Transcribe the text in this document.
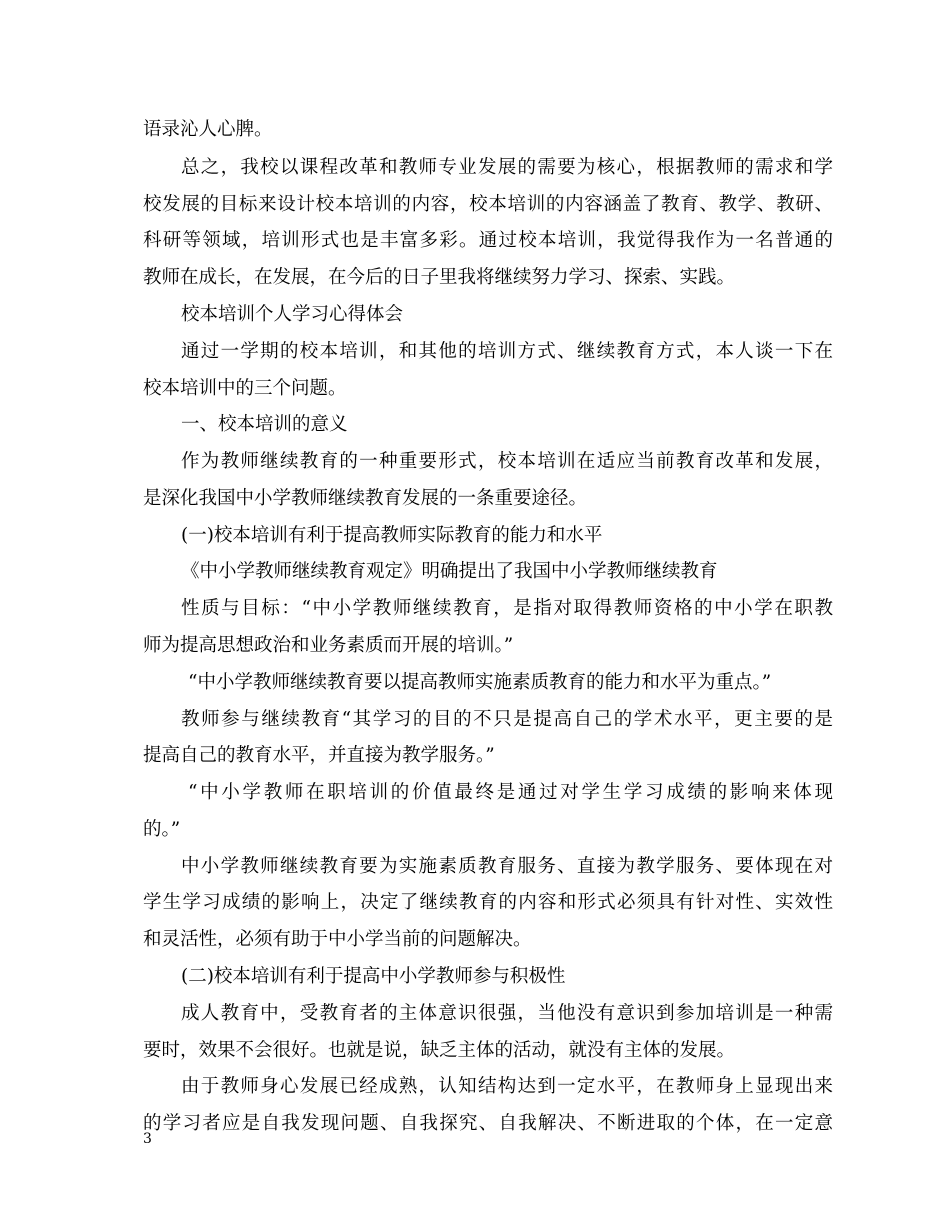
语录沁人心脾。
总之，我校以课程改革和教师专业发展的需要为核心，根据教师的需求和学
校发展的目标来设计校本培训的内容，校本培训的内容涵盖了教育、教学、教研、
科研等领域，培训形式也是丰富多彩。通过校本培训，我觉得我作为一名普通的
教师在成长，在发展，在今后的日子里我将继续努力学习、探索、实践。
校本培训个人学习心得体会
通过一学期的校本培训，和其他的培训方式、继续教育方式，本人谈一下在
校本培训中的三个问题。
一、校本培训的意义
作为教师继续教育的一种重要形式，校本培训在适应当前教育改革和发展，
是深化我国中小学教师继续教育发展的一条重要途径。
(一)校本培训有利于提高教师实际教育的能力和水平
《中小学教师继续教育观定》明确提出了我国中小学教师继续教育
性质与目标：“中小学教师继续教育，是指对取得教师资格的中小学在职教
师为提高思想政治和业务素质而开展的培训。”
“中小学教师继续教育要以提高教师实施素质教育的能力和水平为重点。”
教师参与继续教育“其学习的目的不只是提高自己的学术水平，更主要的是
提高自己的教育水平，并直接为教学服务。”
“中小学教师在职培训的价值最终是通过对学生学习成绩的影响来体现
的。”
中小学教师继续教育要为实施素质教育服务、直接为教学服务、要体现在对
学生学习成绩的影响上，决定了继续教育的内容和形式必须具有针对性、实效性
和灵活性，必须有助于中小学当前的问题解决。
(二)校本培训有利于提高中小学教师参与积极性
成人教育中，受教育者的主体意识很强，当他没有意识到参加培训是一种需
要时，效果不会很好。也就是说，缺乏主体的活动，就没有主体的发展。
由于教师身心发展已经成熟，认知结构达到一定水平，在教师身上显现出来
的学习者应是自我发现问题、自我探究、自我解决、不断进取的个体，在一定意
3
